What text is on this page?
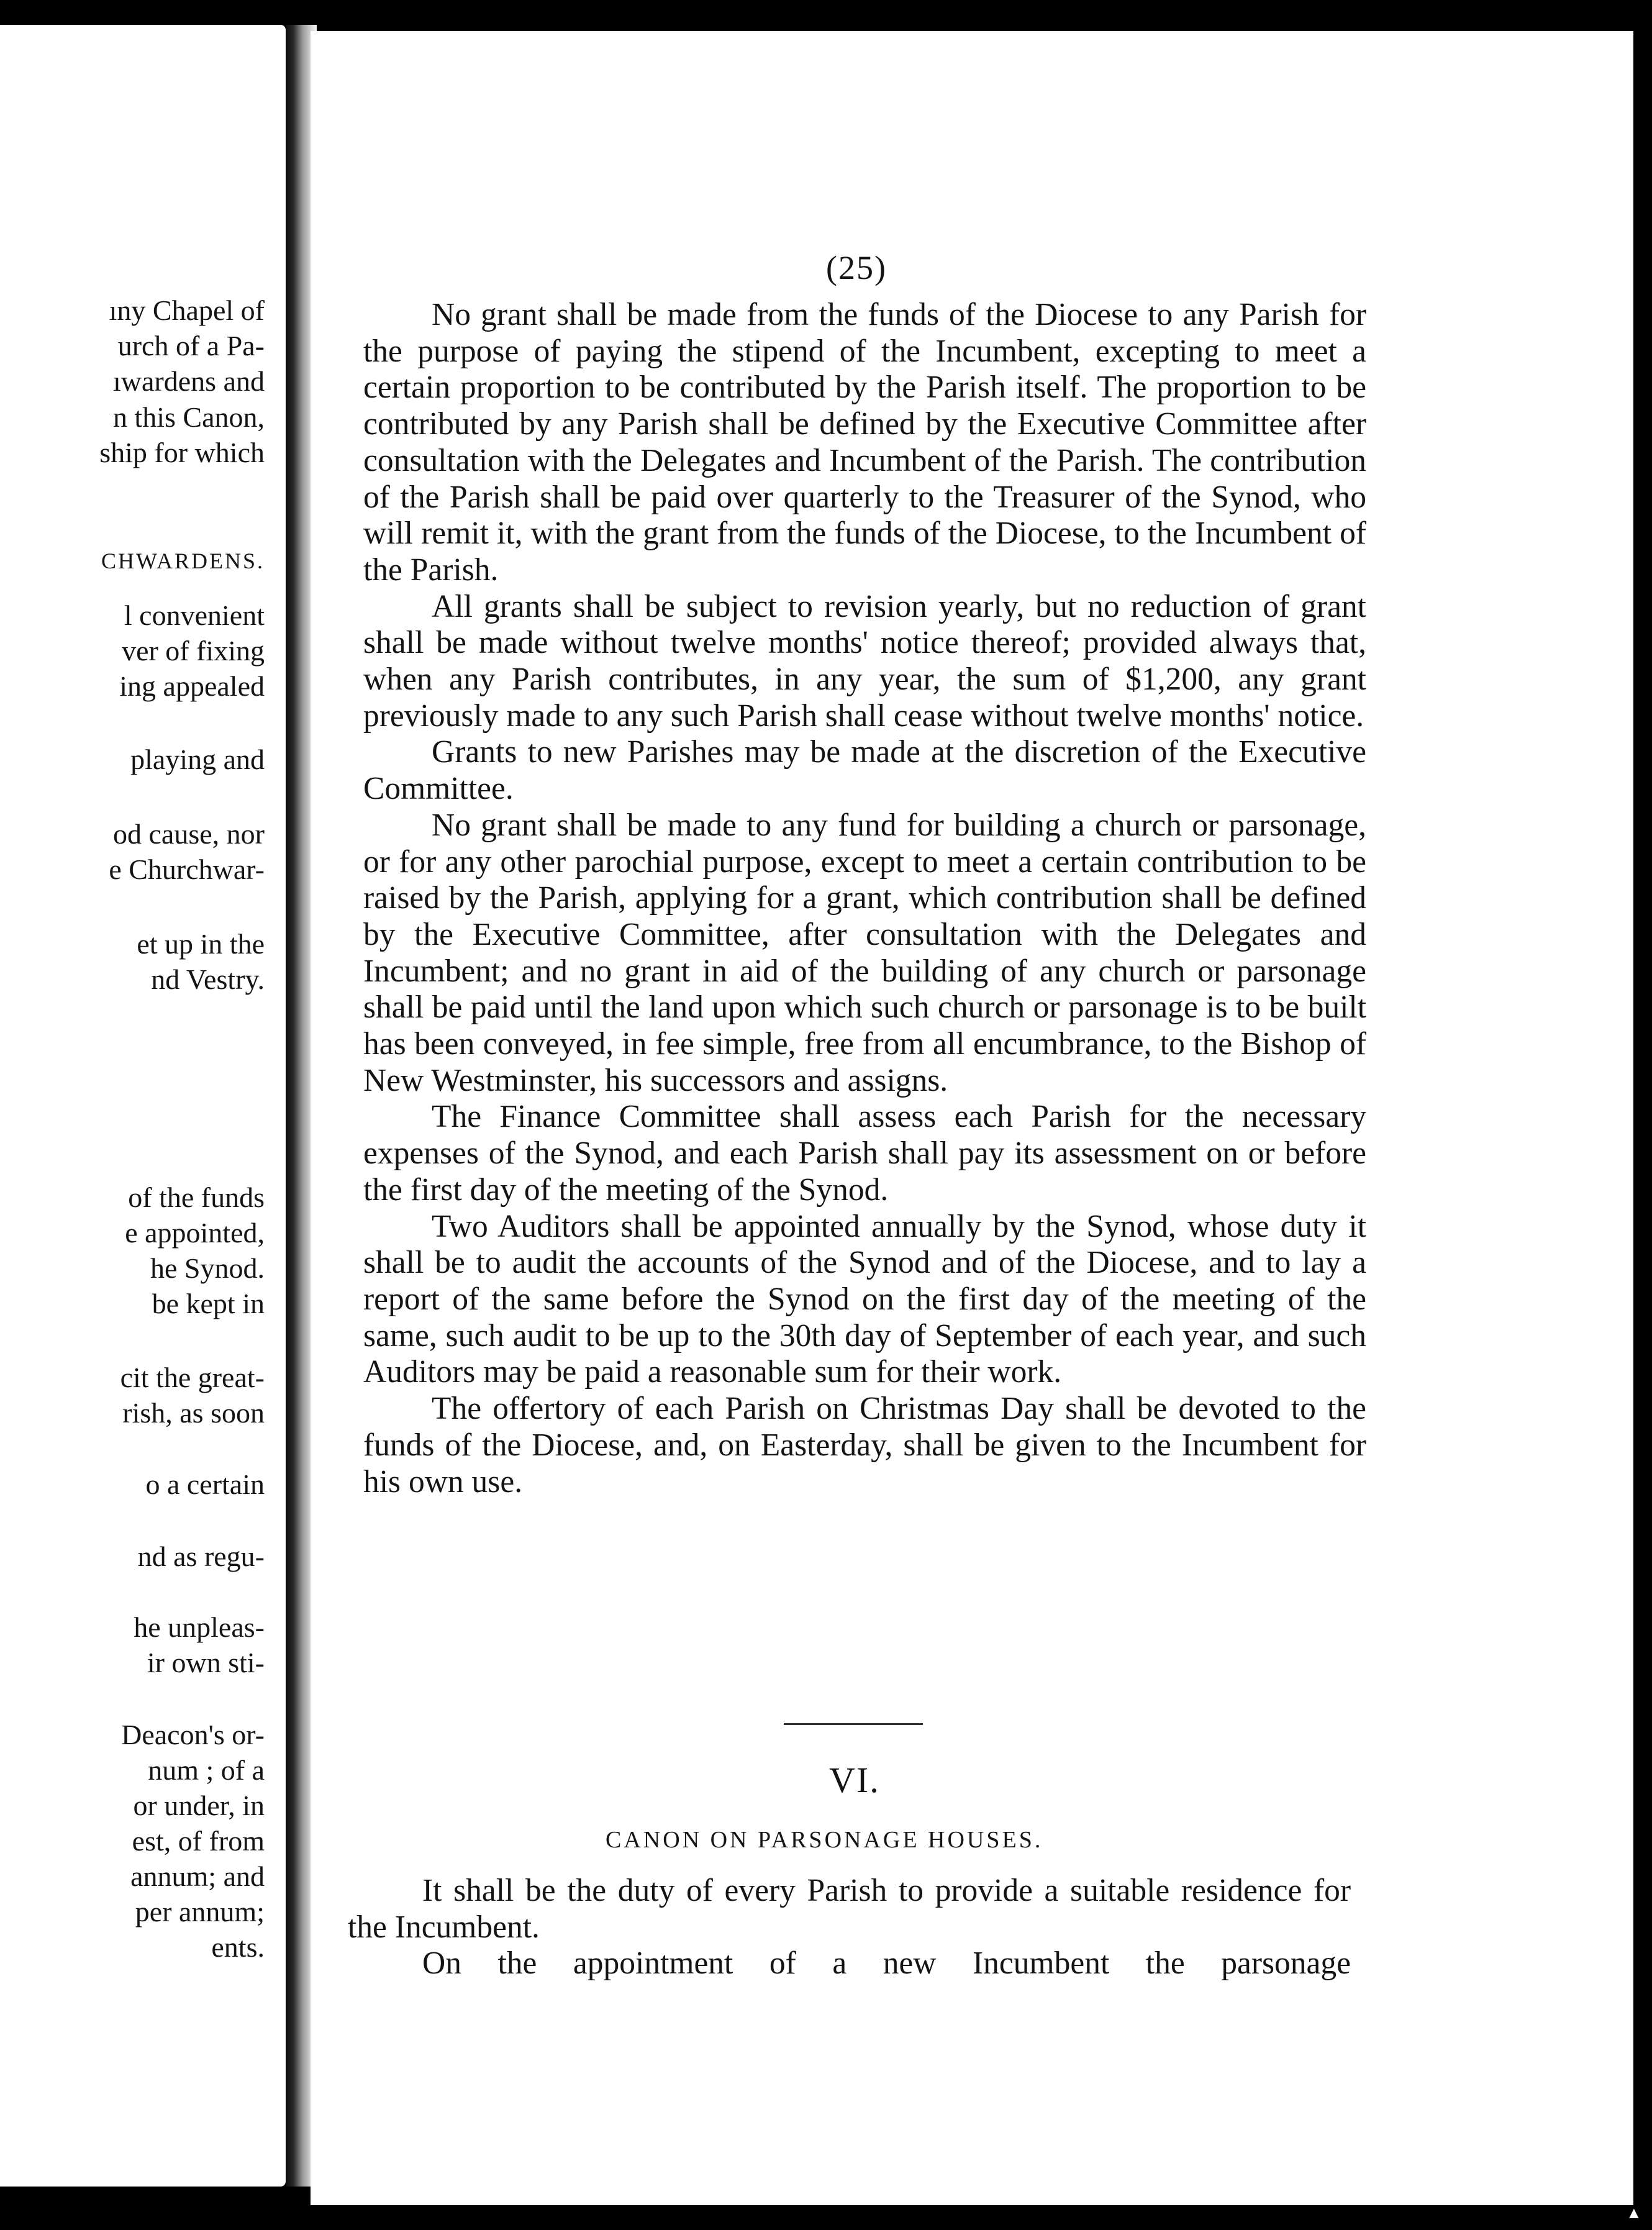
ıny Chapel of
urch of a Pa-
ıwardens and
n this Canon,
ship for which
CHWARDENS.
l convenient
ver of fixing
ing appealed
playing and
od cause, nor
e Churchwar-
et up in the
nd Vestry.
of the funds
e appointed,
he Synod.
be kept in
cit the great-
rish, as soon
o a certain
nd as regu-
he unpleas-
ir own sti-
Deacon's or-
num ; of a
or under, in
est, of from
annum; and
per annum;
ents.
(25)

No grant shall be made from the funds of the Diocese to any Parish for the purpose of paying the stipend of the Incumbent, excepting to meet a certain proportion to be contributed by the Parish itself. The proportion to be contributed by any Parish shall be defined by the Executive Committee after consultation with the Delegates and Incumbent of the Parish. The contribution of the Parish shall be paid over quarterly to the Treasurer of the Synod, who will remit it, with the grant from the funds of the Diocese, to the Incumbent of the Parish.

All grants shall be subject to revision yearly, but no reduction of grant shall be made without twelve months' notice thereof; provided always that, when any Parish contributes, in any year, the sum of $1,200, any grant previously made to any such Parish shall cease without twelve months' notice.

Grants to new Parishes may be made at the discretion of the Executive Committee.

No grant shall be made to any fund for building a church or parsonage, or for any other parochial purpose, except to meet a certain contribution to be raised by the Parish, applying for a grant, which contribution shall be defined by the Executive Committee, after consultation with the Delegates and Incumbent; and no grant in aid of the building of any church or parsonage shall be paid until the land upon which such church or parsonage is to be built has been conveyed, in fee simple, free from all encumbrance, to the Bishop of New Westminster, his successors and assigns.

The Finance Committee shall assess each Parish for the necessary expenses of the Synod, and each Parish shall pay its assessment on or before the first day of the meeting of the Synod.

Two Auditors shall be appointed annually by the Synod, whose duty it shall be to audit the accounts of the Synod and of the Diocese, and to lay a report of the same before the Synod on the first day of the meeting of the same, such audit to be up to the 30th day of September of each year, and such Auditors may be paid a reasonable sum for their work.

The offertory of each Parish on Christmas Day shall be devoted to the funds of the Diocese, and, on Easterday, shall be given to the Incumbent for his own use.

VI.
CANON ON PARSONAGE HOUSES.

It shall be the duty of every Parish to provide a suitable residence for the Incumbent.

On the appointment of a new Incumbent the parsonage

▲
